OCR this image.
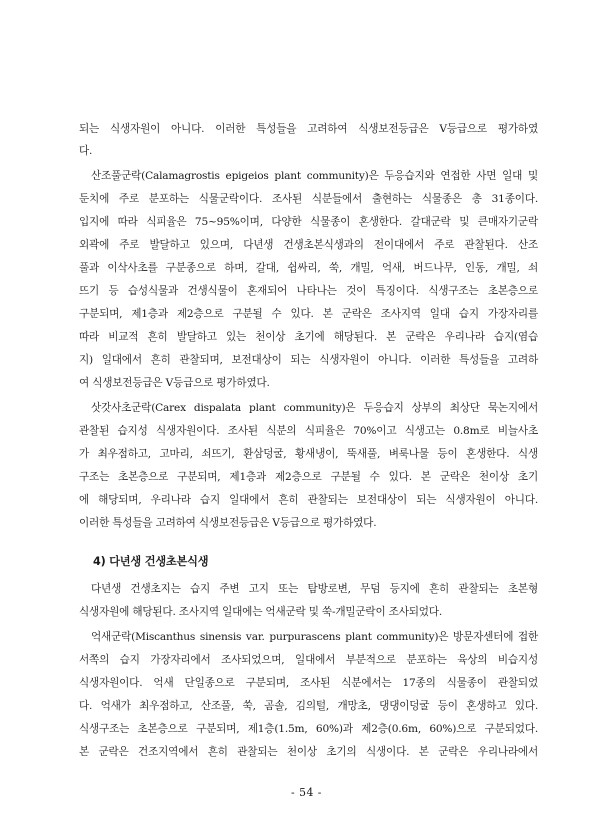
되는 식생자원이 아니다. 이러한 특성들을 고려하여 식생보전등급은 V등급으로 평가하였
다.
산조풀군락(Calamagrostis epigeios plant community)은 두응습지와 연접한 사면 일대 및
둔치에 주로 분포하는 식물군락이다. 조사된 식분들에서 출현하는 식물종은 총 31종이다.
입지에 따라 식피율은 75~95%이며, 다양한 식물종이 혼생한다. 갈대군락 및 큰매자기군락
외곽에 주로 발달하고 있으며, 다년생 건생초본식생과의 전이대에서 주로 관찰된다. 산조
풀과 이삭사초를 구분종으로 하며, 갈대, 쉽싸리, 쑥, 개밀, 억새, 버드나무, 인동, 개밀, 쇠
뜨기 등 습성식물과 건생식물이 혼재되어 나타나는 것이 특징이다. 식생구조는 초본층으로
구분되며, 제1층과 제2층으로 구분될 수 있다. 본 군락은 조사지역 일대 습지 가장자리를
따라 비교적 흔히 발달하고 있는 천이상 초기에 해당된다. 본 군락은 우리나라 습지(염습
지) 일대에서 흔히 관찰되며, 보전대상이 되는 식생자원이 아니다. 이러한 특성들을 고려하
여 식생보전등급은 V등급으로 평가하였다.
삿갓사초군락(Carex dispalata plant community)은 두응습지 상부의 최상단 묵논지에서
관찰된 습지성 식생자원이다. 조사된 식분의 식피율은 70%이고 식생고는 0.8m로 비늘사초
가 최우점하고, 고마리, 쇠뜨기, 환삼덩굴, 황새냉이, 뚝새풀, 벼룩나물 등이 혼생한다. 식생
구조는 초본층으로 구분되며, 제1층과 제2층으로 구분될 수 있다. 본 군락은 천이상 초기
에 해당되며, 우리나라 습지 일대에서 흔히 관찰되는 보전대상이 되는 식생자원이 아니다.
이러한 특성들을 고려하여 식생보전등급은 V등급으로 평가하였다.
4) 다년생 건생초본식생
다년생 건생초지는 습지 주변 고지 또는 탐방로변, 무덤 등지에 흔히 관찰되는 초본형
식생자원에 해당된다. 조사지역 일대에는 억새군락 및 쑥-개밀군락이 조사되었다.
억새군락(Miscanthus sinensis var. purpurascens plant community)은 방문자센터에 접한
서쪽의 습지 가장자리에서 조사되었으며, 일대에서 부분적으로 분포하는 육상의 비습지성
식생자원이다. 억새 단일종으로 구분되며, 조사된 식분에서는 17종의 식물종이 관찰되었
다. 억새가 최우점하고, 산조풀, 쑥, 곰솔, 김의털, 개망초, 댕댕이덩굴 등이 혼생하고 있다.
식생구조는 초본층으로 구분되며, 제1층(1.5m, 60%)과 제2층(0.6m, 60%)으로 구분되었다.
본 군락은 건조지역에서 흔히 관찰되는 천이상 초기의 식생이다. 본 군락은 우리나라에서
- 54 -
